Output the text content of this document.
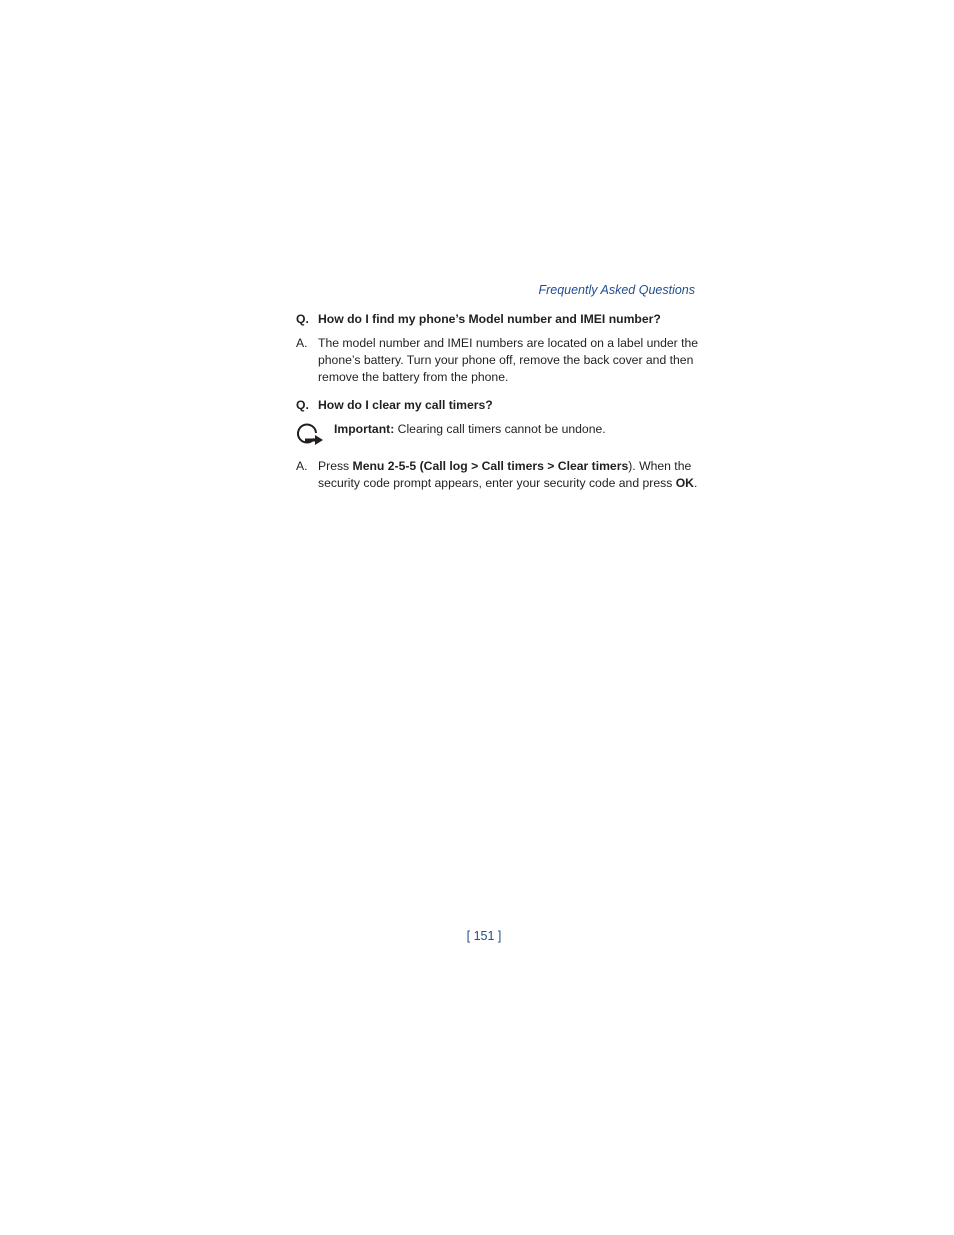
Frequently Asked Questions
Q. How do I find my phone’s Model number and IMEI number?
A. The model number and IMEI numbers are located on a label under the phone’s battery. Turn your phone off, remove the back cover and then remove the battery from the phone.
Q. How do I clear my call timers?
Important: Clearing call timers cannot be undone.
A. Press Menu 2-5-5 (Call log > Call timers > Clear timers). When the security code prompt appears, enter your security code and press OK.
[ 151 ]
